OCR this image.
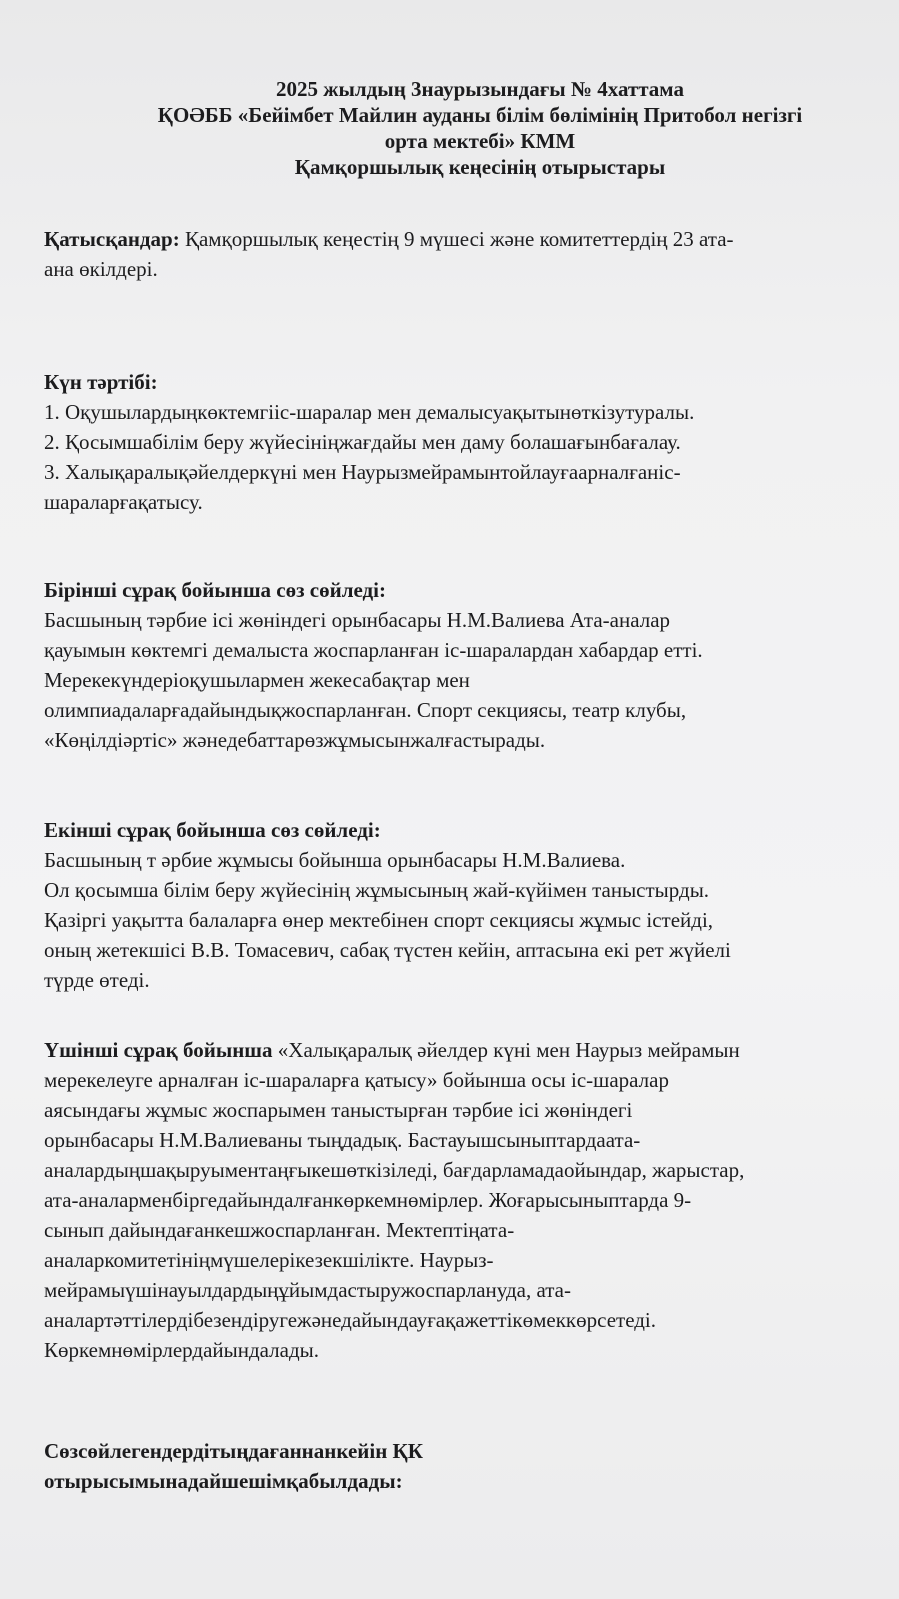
2025 жылдың 3наурызындағы № 4хаттама
ҚОӘББ «Бейімбет Майлин ауданы білім бөлімінің Притобол негізгі
орта мектебі» КММ
Қамқоршылық кеңесінің отырыстары
Қатысқандар: Қамқоршылық кеңестің 9 мүшесі және комитеттердің 23 ата-
ана өкілдері.
Күн тәртібі:
1. Оқушылардыңкөктемгіiс-шаралар мен демалысуақытынөткізутуралы.
2. Қосымшабілім беру жүйесініңжағдайы мен даму болашағынбағалау.
3. Халықаралықәйелдеркүні мен Наурызмейрамынтойлауғаарналғаніс-
шараларғақатысу.
Бірінші сұрақ бойынша сөз сөйледі:
Басшының тәрбие ісі жөніндегі орынбасары Н.М.Валиева Ата-аналар
қауымын көктемгі демалыста жоспарланған іс-шаралардан хабардар етті.
Мерекекүндеріоқушылармен жекесабақтар мен
олимпиадаларғадайындықжоспарланған. Спорт секциясы, театр клубы,
«Көңілдіәртіс» жәнедебаттарөзжұмысынжалғастырады.
Екінші сұрақ бойынша сөз сөйледі:
Басшының т әрбие жұмысы бойынша орынбасары Н.М.Валиева.
Ол қосымша білім беру жүйесінің жұмысының жай-күйімен таныстырды.
Қазіргі уақытта балаларға өнер мектебінен спорт секциясы жұмыс істейді,
оның жетекшісі В.В. Томасевич, сабақ түстен кейін, аптасына екі рет жүйелі
түрде өтеді.
Үшінші сұрақ бойынша «Халықаралық әйелдер күні мен Наурыз мейрамын
мерекелеуге арналған іс-шараларға қатысу» бойынша осы іс-шаралар
аясындағы жұмыс жоспарымен таныстырған тәрбие ісі жөніндегі
орынбасары Н.М.Валиеваны тыңдадық. Бастауышсыныптардаата-
аналардыңшақыруыментаңғыкешөткізіледі, бағдарламадаойындар, жарыстар,
ата-аналарменбіргедайындалғанкөркемнөмірлер. Жоғарысыныптарда 9-
сынып дайындағанкешжоспарланған. Мектептіңата-
аналаркомитетініңмүшелерікезекшілікте. Наурыз-
мейрамыүшінауылдардыңұйымдастыружоспарлануда, ата-
аналартәттілердібезендіругежәнедайындауғақажеттікөмеккөрсетеді.
Көркемнөмірлердайындалады.
Сөзсөйлегендердітыңдағаннанкейін ҚК
отырысымынадайшешімқабылдады:
